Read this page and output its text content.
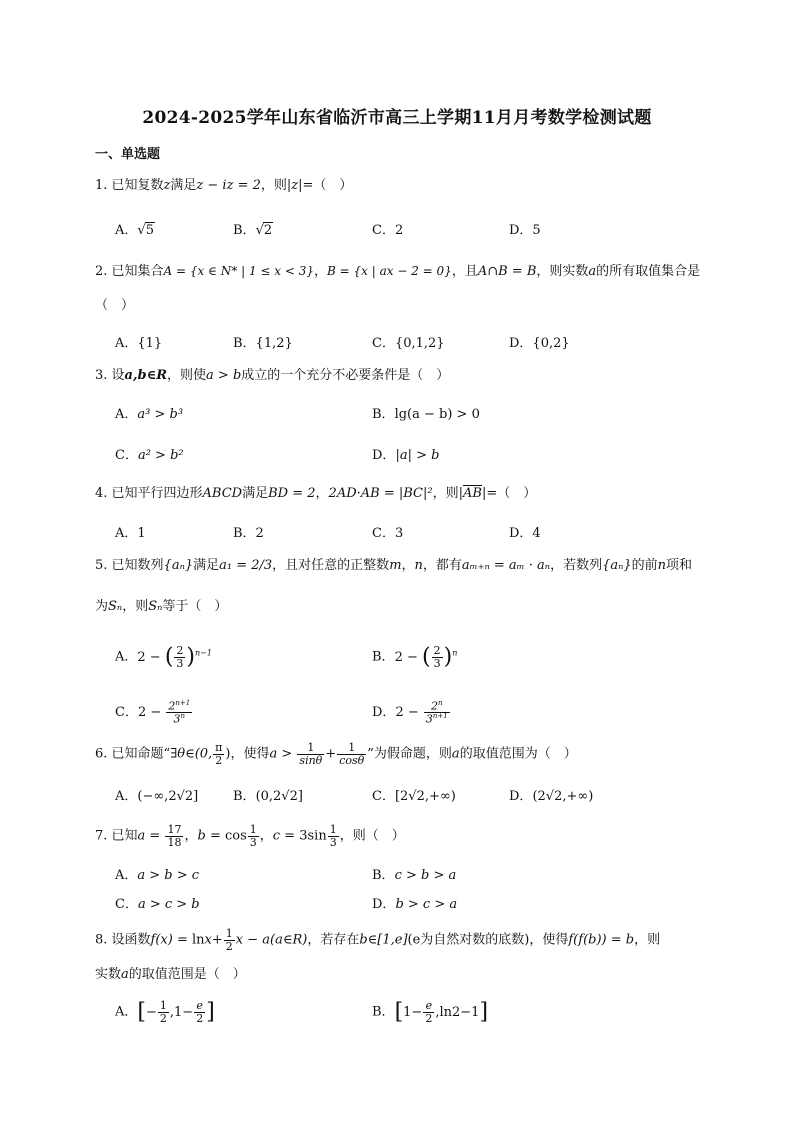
2024-2025学年山东省临沂市高三上学期11月月考数学检测试题
一、单选题
1. 已知复数z满足z − iz = 2，则|z|=（　）
A．√5	B．√2	C．2	D．5
2. 已知集合A = {x ∈ N* | 1 ≤ x < 3}，B = {x | ax − 2 = 0}，且A∩B = B，则实数a的所有取值集合是
（　）
A．{1}	B．{1,2}	C．{0,1,2}	D．{0,2}
3. 设a,b∈R，则使a > b成立的一个充分不必要条件是（　）
A．a³ > b³	B．lg(a − b) > 0
C．a² > b²	D．|a| > b
4. 已知平行四边形ABCD满足BD = 2，2AD·AB = |BC|²，则|AB|=（　）
A．1	B．2	C．3	D．4
5. 已知数列{aₙ}满足a₁ = 2/3，且对任意的正整数m，n，都有aₘ₊ₙ = aₘ · aₙ，若数列{aₙ}的前n项和
为Sₙ，则Sₙ等于（　）
A．2 − ( $\frac{2}{3} )^{n-1}$	B．2 − ( $\frac{2}{3} )^n$
C．$2 - \frac{2^{n+1}}{3^n}$	D．$2 - \frac{2^n}{3^{n+1}}$
6. 已知命题“∃θ∈(0, $\frac{\pi}{2}$ )，使得$a > \frac{1}{\sin\theta} + \frac{1}{\cos\theta}$ ”为假命题，则a的取值范围为（　）
A．(−∞,2√2]	B．(0,2√2]	C．[2√2,+∞)	D．(2√2,+∞)
7. 已知$a = \frac{17}{18}$ ，$b = \cos \frac{1}{3}$ ，$c = 3\sin \frac{1}{3}$ ，则（　）
A．a > b > c	B．c > b > a
C．a > c > b	D．b > c > a
8. 设函数$f(x) = \ln x+ \frac{1}{2}$ x − a(a∈R)，若存在b∈[1,e](e为自然对数的底数)，使得f(f(b)) = b，则
实数a的取值范围是（　）
A．[− $\frac{1}{2} ,1- \frac{e}{2}$ ]	B．$[1- \frac{e}{2} ,\ln 2-1]$
